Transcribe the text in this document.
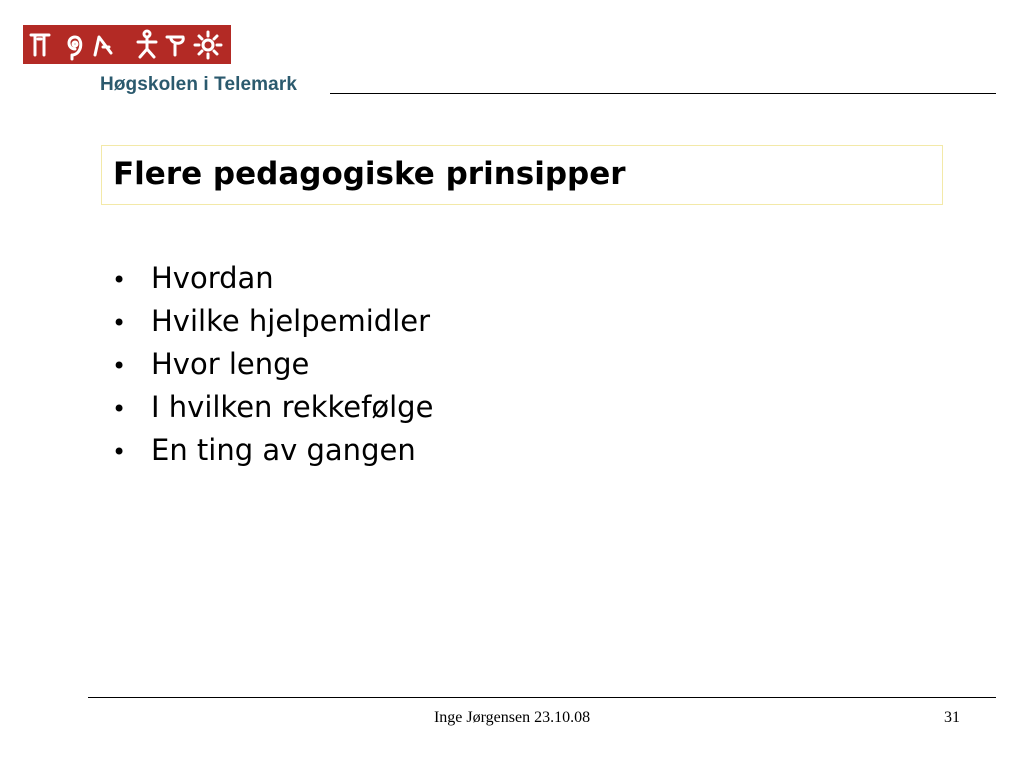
Høgskolen i Telemark
Flere pedagogiske prinsipper
• Hvordan
• Hvilke hjelpemidler
• Hvor lenge
• I hvilken rekkefølge
• En ting av gangen
Inge Jørgensen 23.10.08	31
